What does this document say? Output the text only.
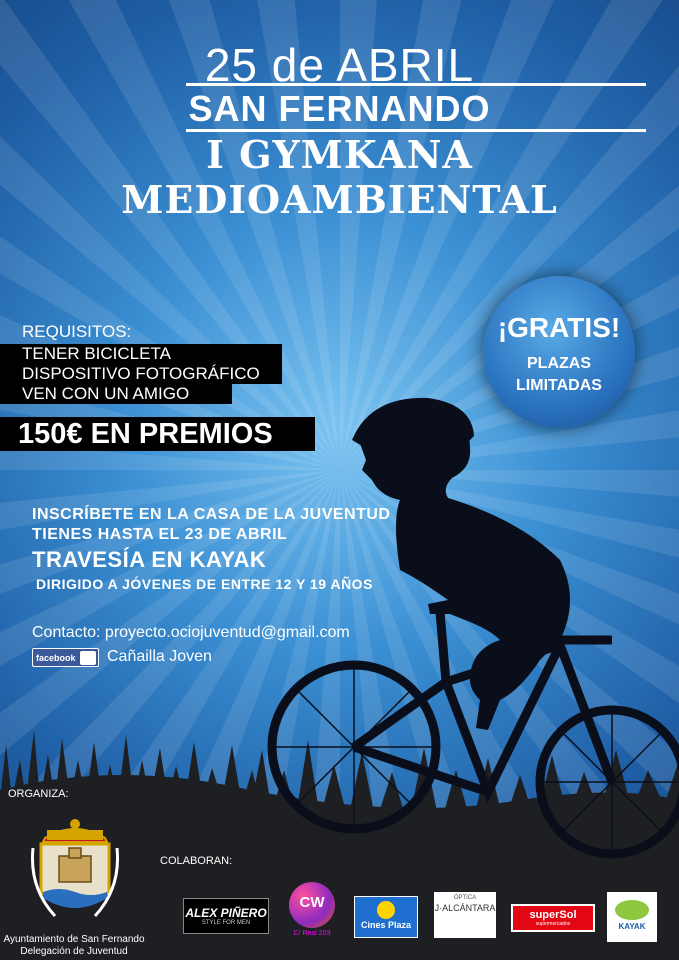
25 de ABRIL
SAN FERNANDO
I GYMKANA MEDIOAMBIENTAL
REQUISITOS:
TENER BICICLETA
DISPOSITIVO FOTOGRÁFICO
VEN CON UN AMIGO
150€ EN PREMIOS
¡GRATIS!
PLAZAS
LIMITADAS
INSCRÍBETE EN LA CASA DE LA JUVENTUD
TIENES HASTA EL 23 DE ABRIL
TRAVESÍA EN KAYAK
DIRIGIDO A JÓVENES DE ENTRE 12 Y 19 AÑOS
Contacto: proyecto.ociojuventud@gmail.com
facebook	Cañailla Joven
ORGANIZA:
Ayuntamiento de San Fernando
Delegación de Juventud
COLABORAN:
ALEX PIÑERO
STYLE FOR MEN
CW
C/ Real 203
Cines Plaza
ÓPTICA
J·ALCÁNTARA
superSol
supermercados	KAYAK
